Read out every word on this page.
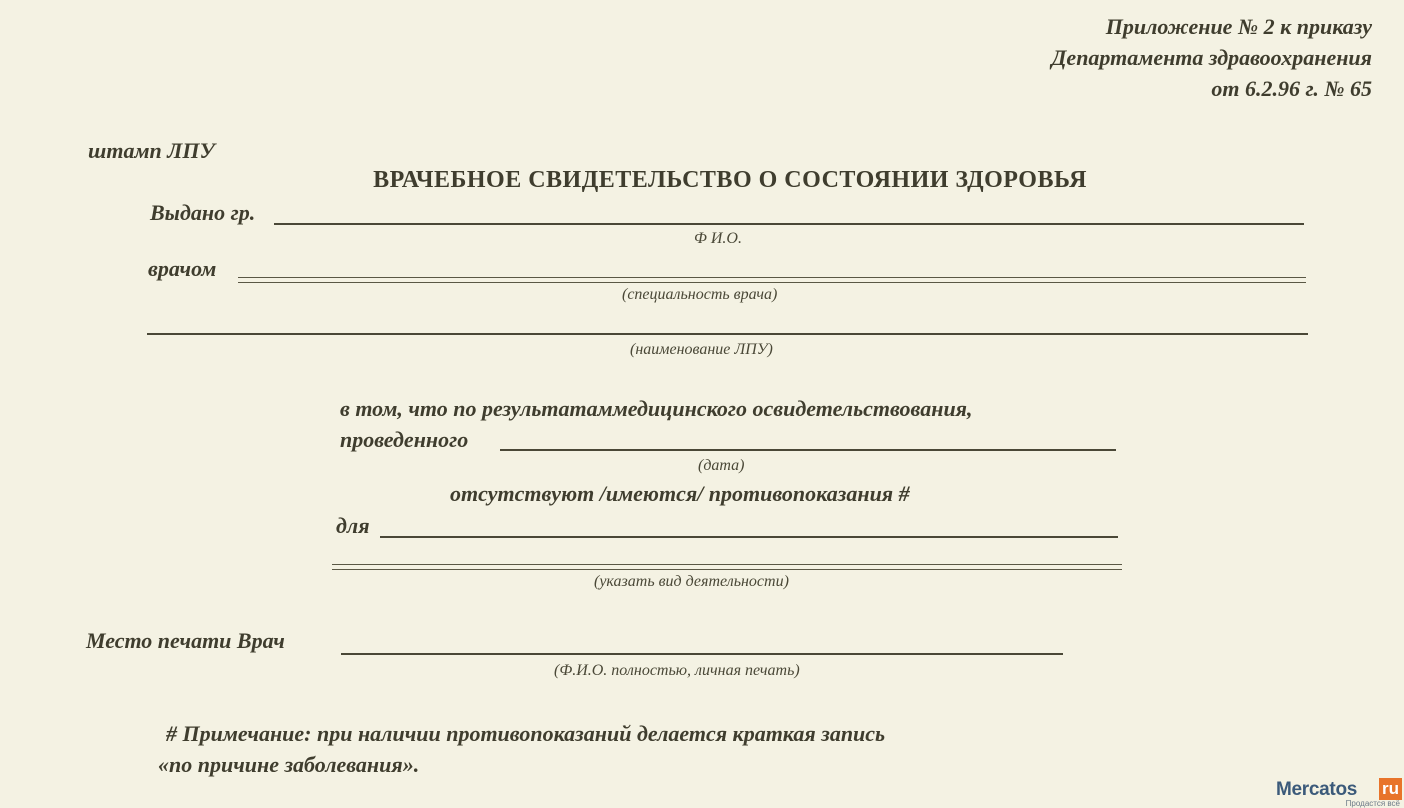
Приложение № 2 к приказу
Департамента здравоохранения
от 6.2.96 г. № 65
штамп ЛПУ
ВРАЧЕБНОЕ СВИДЕТЕЛЬСТВО О СОСТОЯНИИ ЗДОРОВЬЯ
Выдано гр.
Ф И.О.
врачом
(специальность врача)
(наименование ЛПУ)
в том, что по результатаммедицинского освидетельствования,
проведенного
(дата)
отсутствуют /имеются/ противопоказания #
для
(указать вид деятельности)
Место печати Врач
(Ф.И.О. полностью, личная печать)
# Примечание: при наличии противопоказаний делается краткая запись
«по причине заболевания».
Mercatos ru
Продастся всё
